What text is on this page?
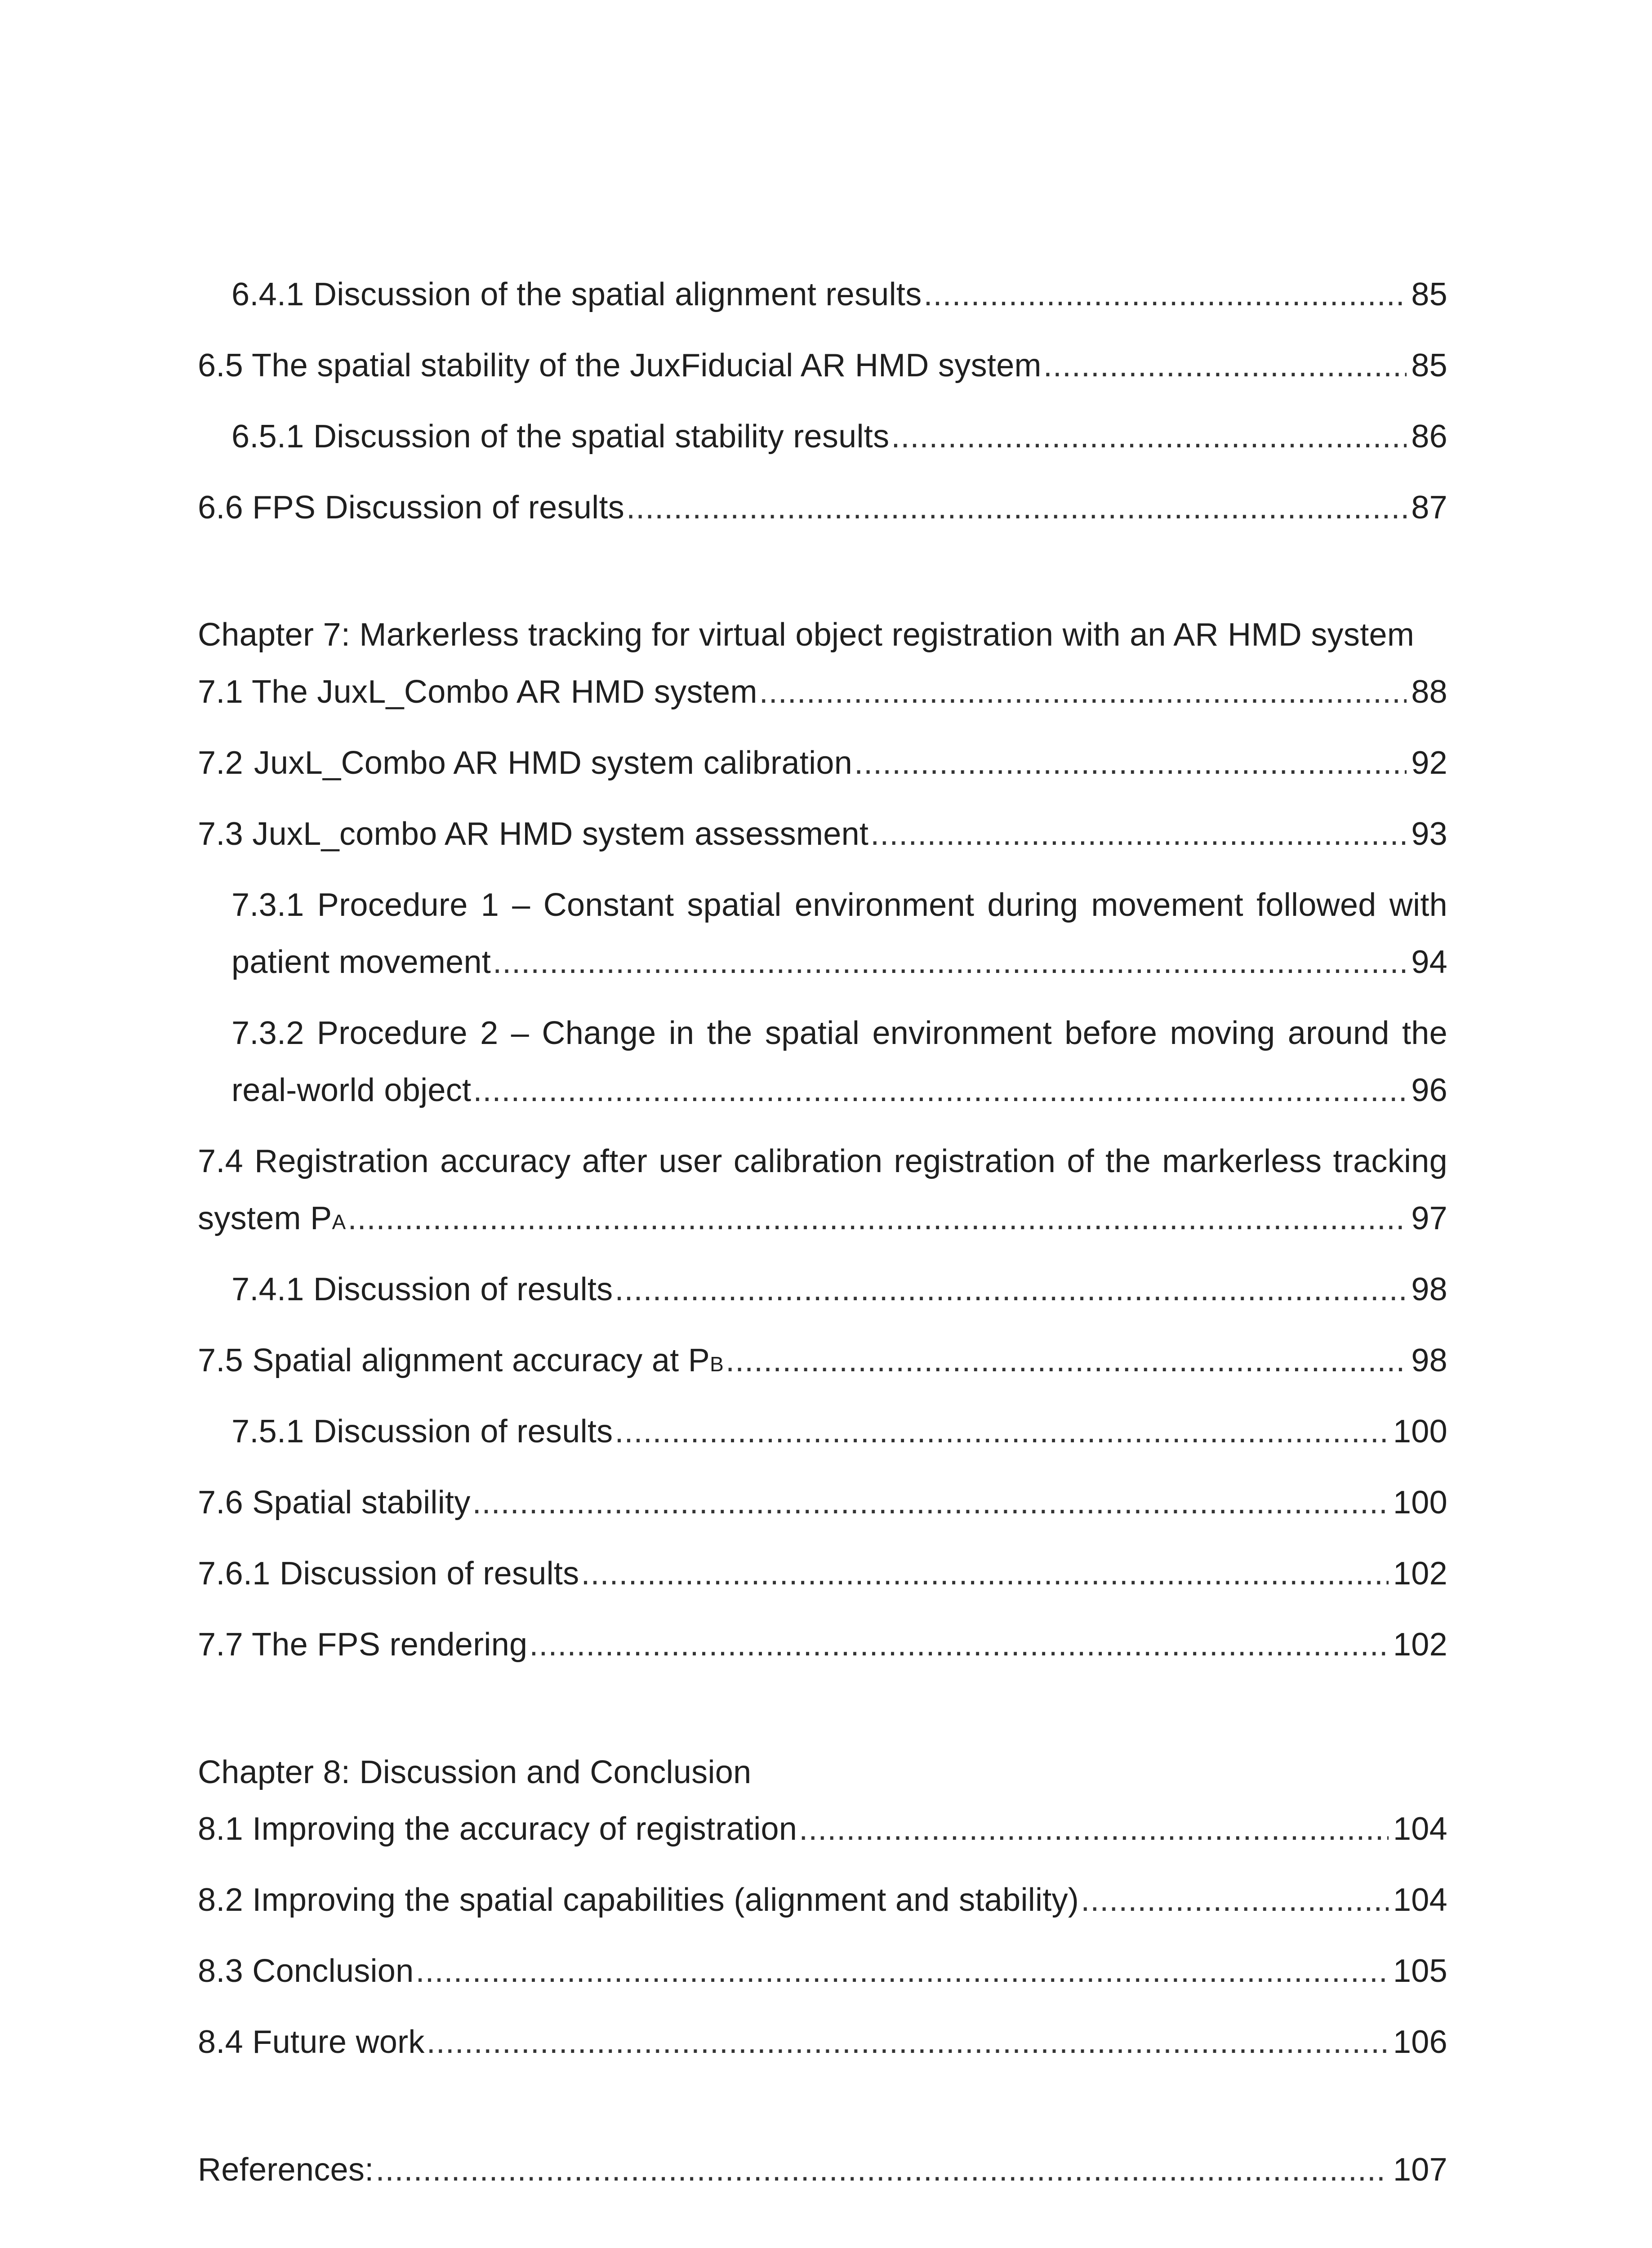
6.4.1 Discussion of the spatial alignment results .....	85
6.5 The spatial stability of the JuxFiducial AR HMD system .....	85
6.5.1 Discussion of the spatial stability results .....	86
6.6 FPS Discussion of results .....	87
Chapter 7: Markerless tracking for virtual object registration with an AR HMD system
7.1 The JuxL_Combo AR HMD system .....	88
7.2 JuxL_Combo AR HMD system calibration .....	92
7.3 JuxL_combo AR HMD system assessment .....	93
7.3.1 Procedure 1 – Constant spatial environment during movement followed with
patient movement .....	94
7.3.2 Procedure 2 – Change in the spatial environment before moving around the
real-world object .....	96
7.4 Registration accuracy after user calibration registration of the markerless tracking
system PA .....	97
7.4.1 Discussion of results .....	98
7.5 Spatial alignment accuracy at PB .....	98
7.5.1 Discussion of results .....	100
7.6 Spatial stability .....	100
7.6.1 Discussion of results .....	102
7.7 The FPS rendering .....	102
Chapter 8: Discussion and Conclusion
8.1 Improving the accuracy of registration .....	104
8.2 Improving the spatial capabilities (alignment and stability) .....	104
8.3 Conclusion .....	105
8.4 Future work .....	106
References: .....	107
